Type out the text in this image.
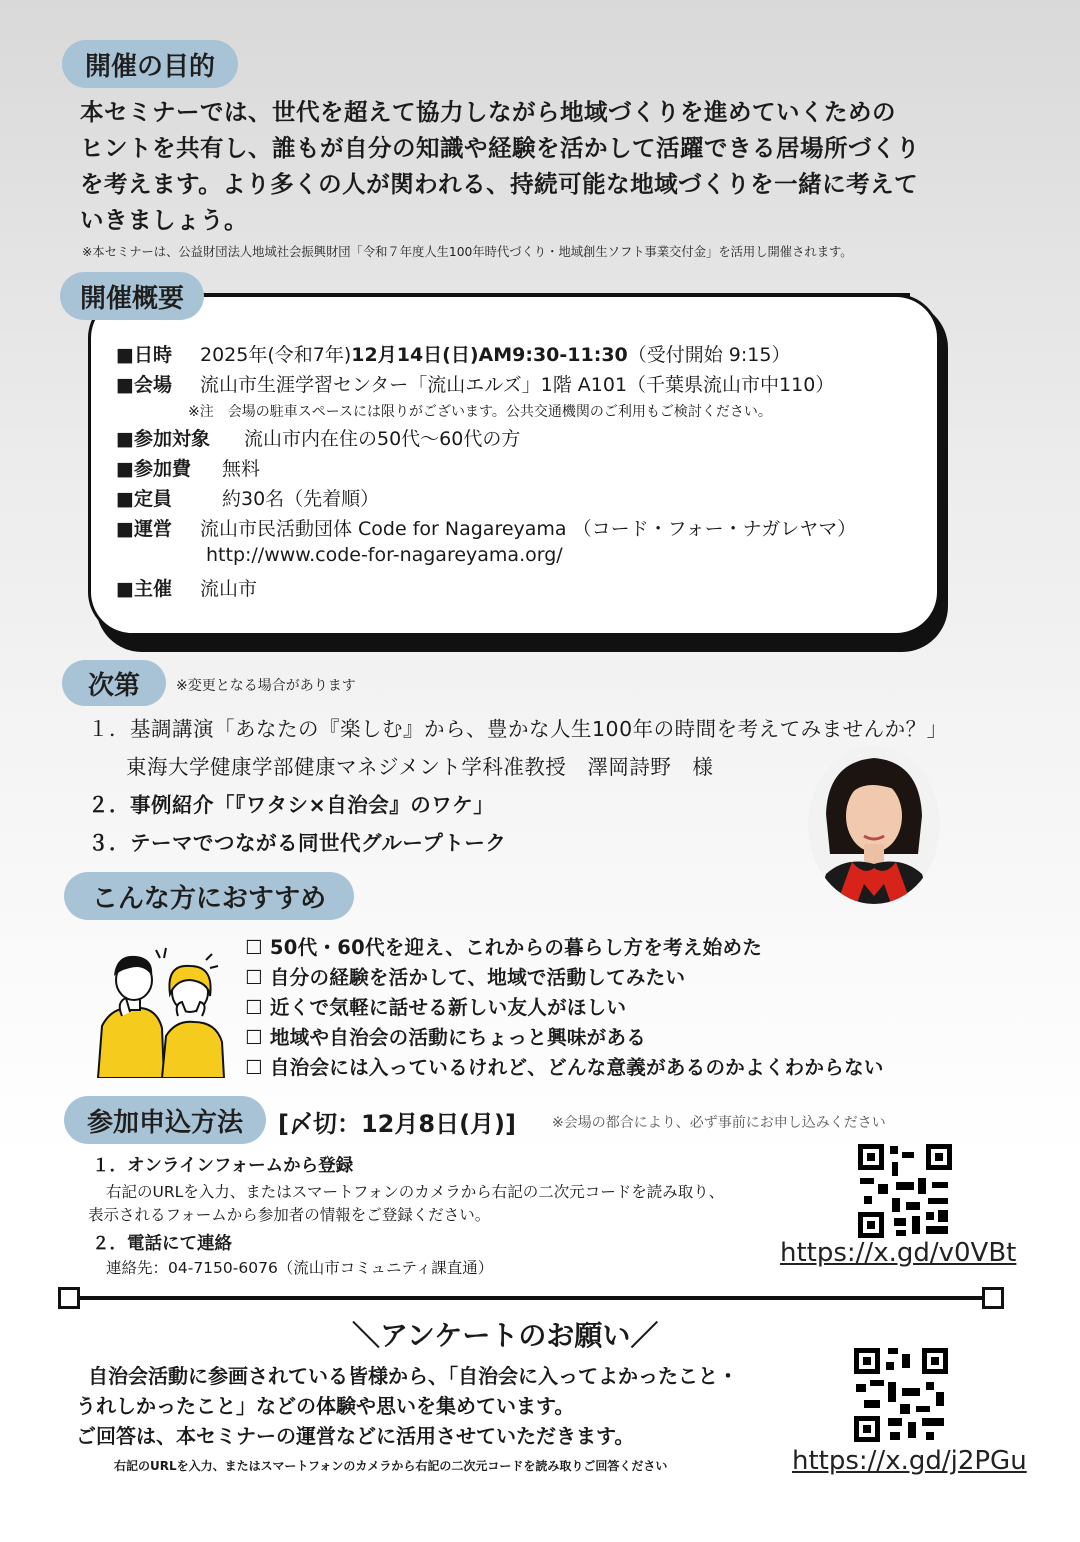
開催の目的
本セミナーでは、世代を超えて協力しながら地域づくりを進めていくための
ヒントを共有し、誰もが自分の知識や経験を活かして活躍できる居場所づくり
を考えます。より多くの人が関われる、持続可能な地域づくりを一緒に考えて
いきましょう。
※本セミナーは、公益財団法人地域社会振興財団「令和７年度人生100年時代づくり・地域創生ソフト事業交付金」を活用し開催されます。
開催概要
■日時	2025年(令和7年) 12月14日(日)AM9:30-11:30 （受付開始 9:15）
■会場	流山市生涯学習センター「流山エルズ」1階 A101（千葉県流山市中110）
※注　会場の駐車スペースには限りがございます。公共交通機関のご利用もご検討ください。
■参加対象	流山市内在住の50代〜60代の方
■参加費	無料
■定員	約30名（先着順）
■運営	流山市民活動団体 Code for Nagareyama （コード・フォー・ナガレヤマ）
http://www.code-for-nagareyama.org/
■主催	流山市
次第	※変更となる場合があります
１．基調講演「あなたの『楽しむ』から、豊かな人生100年の時間を考えてみませんか？」
東海大学健康学部健康マネジメント学科准教授　澤岡詩野　様
２．事例紹介「『ワタシ×自治会』のワケ」
３．テーマでつながる同世代グループトーク
こんな方におすすめ
☐ 50代・60代を迎え、これからの暮らし方を考え始めた
☐ 自分の経験を活かして、地域で活動してみたい
☐ 近くで気軽に話せる新しい友人がほしい
☐ 地域や自治会の活動にちょっと興味がある
☐ 自治会には入っているけれど、どんな意義があるのかよくわからない
参加申込方法	[〆切：12月8日(月)]	※会場の都合により、必ず事前にお申し込みください
１．オンラインフォームから登録
右記のURLを入力、またはスマートフォンのカメラから右記の二次元コードを読み取り、
表示されるフォームから参加者の情報をご登録ください。
２．電話にて連絡
連絡先：04-7150-6076（流山市コミュニティ課直通）	https://x.gd/v0VBt
＼アンケートのお願い／
自治会活動に参画されている皆様から、「自治会に入ってよかったこと・
うれしかったこと」などの体験や思いを集めています。
ご回答は、本セミナーの運営などに活用させていただきます。
右記のURLを入力、またはスマートフォンのカメラから右記の二次元コードを読み取りご回答ください	https://x.gd/j2PGu
